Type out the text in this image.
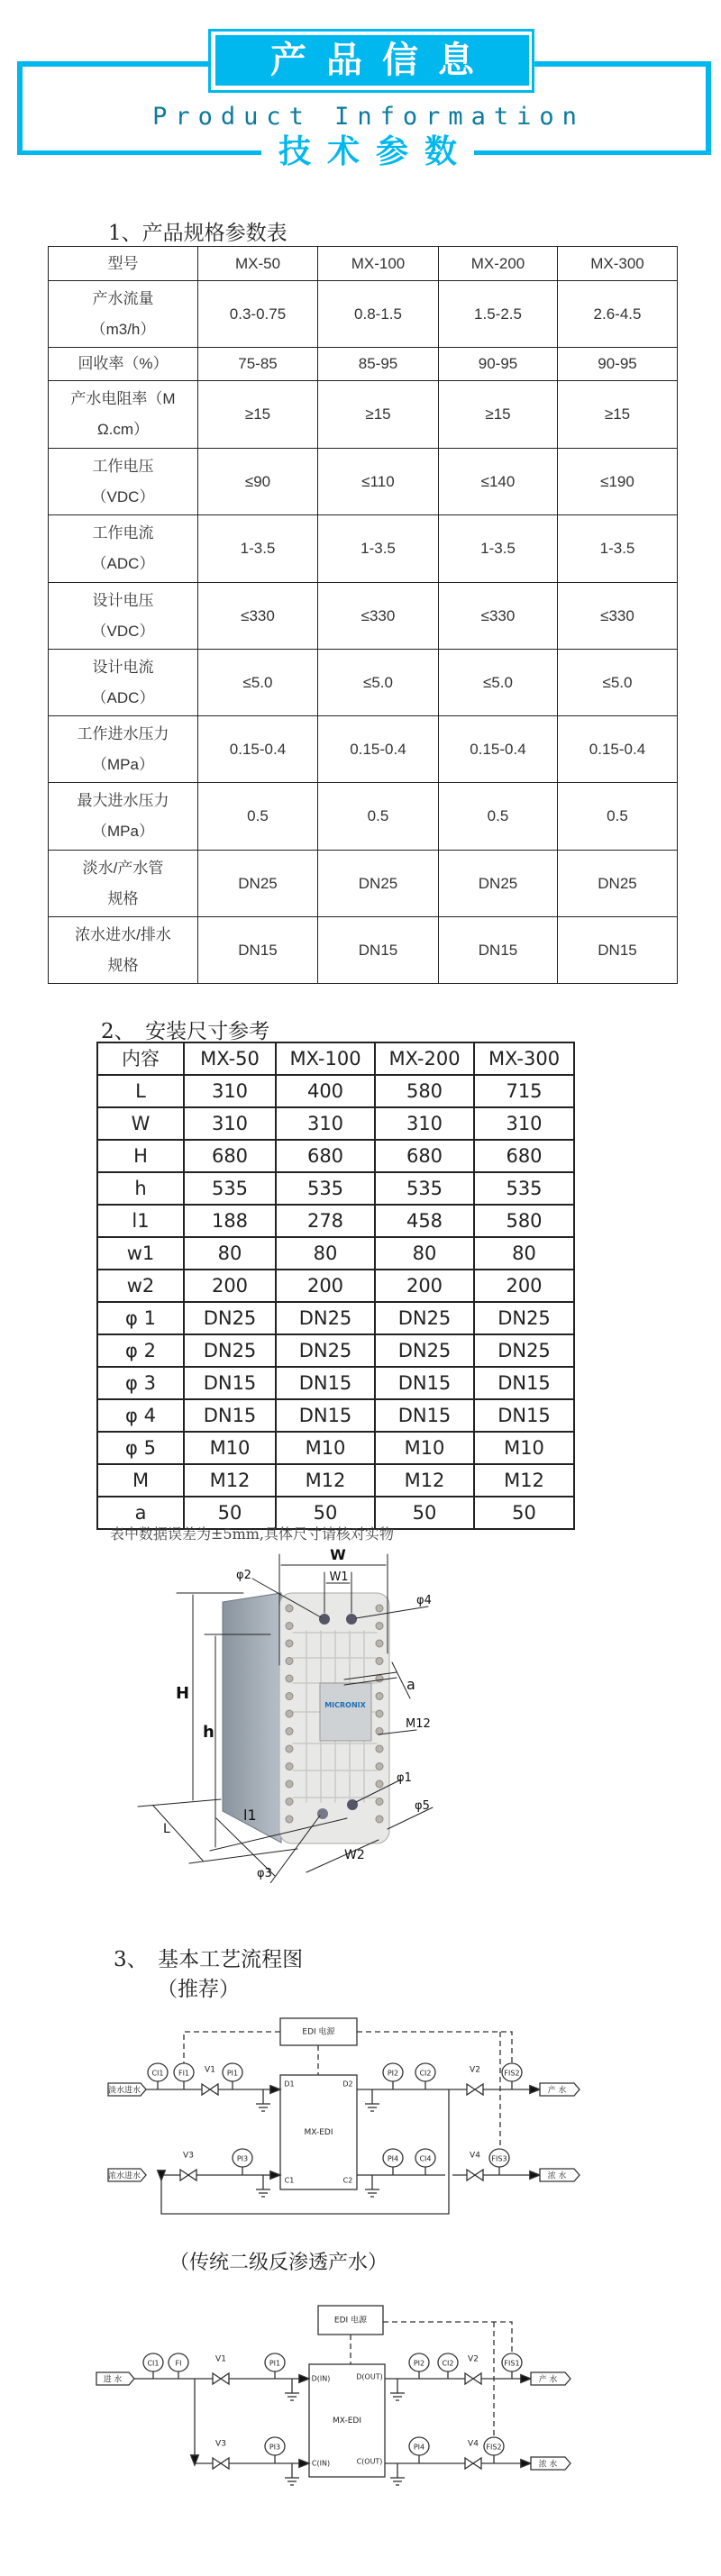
产品信息
Product Information
技术参数
1、产品规格参数表
型号	MX-50	MX-100	MX-200	MX-300

产水流量
（m3/h）	0.3-0.75	0.8-1.5	1.5-2.5	2.6-4.5

回收率（%）	75-85	85-95	90-95	90-95

产水电阻率（M
Ω.cm）	≥15	≥15	≥15	≥15

工作电压
（VDC）	≤90	≤110	≤140	≤190

工作电流
（ADC）	1-3.5	1-3.5	1-3.5	1-3.5

设计电压
（VDC）	≤330	≤330	≤330	≤330

设计电流
（ADC）	≤5.0	≤5.0	≤5.0	≤5.0

工作进水压力
（MPa）	0.15-0.4	0.15-0.4	0.15-0.4	0.15-0.4

最大进水压力
（MPa）	0.5	0.5	0.5	0.5

淡水/产水管
规格	DN25	DN25	DN25	DN25

浓水进水/排水
规格	DN15	DN15	DN15	DN15
2、　安装尺寸参考
内容	MX-50	MX-100	MX-200	MX-300
L	310	400	580	715
W	310	310	310	310
H	680	680	680	680
h	535	535	535	535
l1	188	278	458	580
w1	80	80	80	80
w2	200	200	200	200
φ 1	DN25	DN25	DN25	DN25
φ 2	DN25	DN25	DN25	DN25
φ 3	DN15	DN15	DN15	DN15
φ 4	DN15	DN15	DN15	DN15
φ 5	M10	M10	M10	M10
M	M12	M12	M12	M12
a	50	50	50	50
表中数据误差为±5mm,具体尺寸请核对实物
MICRONIX
W
W1
φ2
φ4
a
M12
φ1
φ5
H
h
L
l1
W2
φ3
3、　基本工艺流程图
（推荐）
EDI 电源
MX-EDI
D1	D2
C1	C2
淡水进水
浓水进水
产 水
浓 水
V1	V2
V3	V4
CI1 FI1	PI1	PI2	CI2	FIS2
PI3	PI4	CI4	FIS3
（传统二级反渗透产水）
EDI 电源
MX-EDI
D(IN)	D(OUT)
C(IN)	C(OUT)
进 水	产 水
浓 水
V1	V2
V3	V4
CI1 FI	PI1	PI2 CI2	FIS1
PI3	PI4	FIS2
